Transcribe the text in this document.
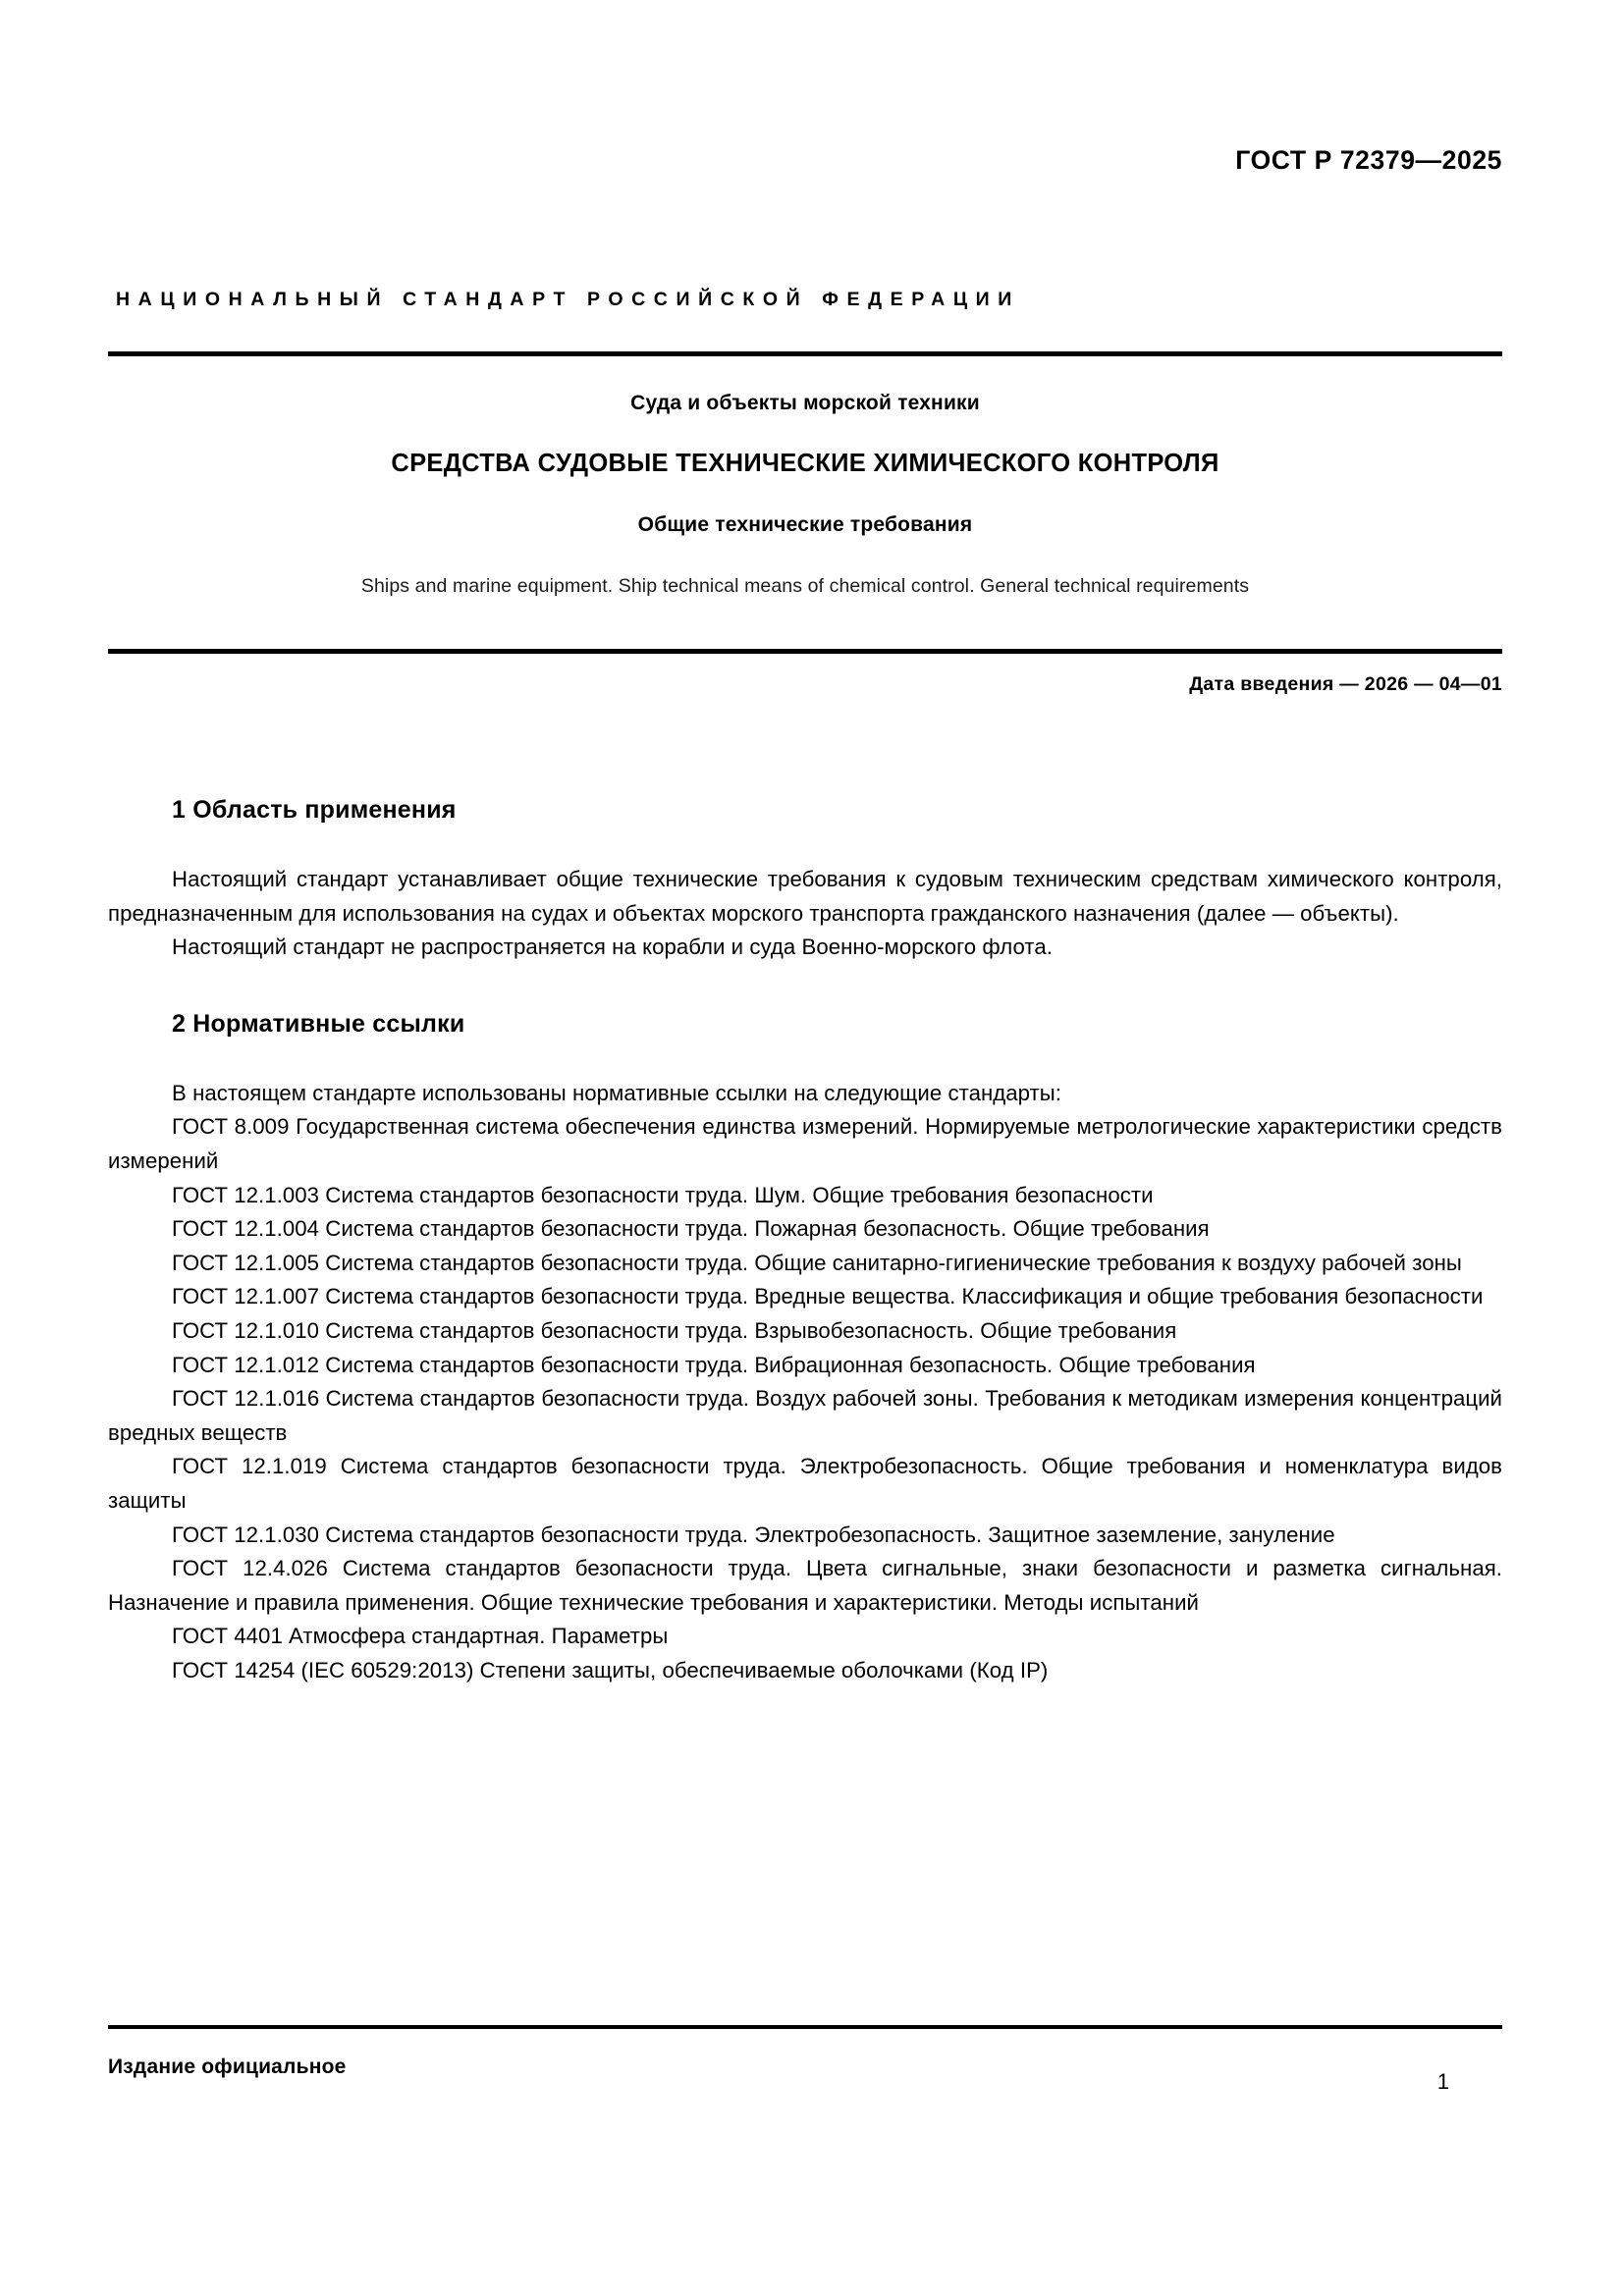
ГОСТ Р 72379—2025
НАЦИОНАЛЬНЫЙ СТАНДАРТ РОССИЙСКОЙ ФЕДЕРАЦИИ

Суда и объекты морской техники

СРЕДСТВА СУДОВЫЕ ТЕХНИЧЕСКИЕ ХИМИЧЕСКОГО КОНТРОЛЯ

Общие технические требования

Ships and marine equipment. Ship technical means of chemical control. General technical requirements

Дата введения — 2026 — 04—01
1 Область применения

Настоящий стандарт устанавливает общие технические требования к судовым техническим средствам химического контроля, предназначенным для использования на судах и объектах морского транспорта гражданского назначения (далее — объекты).

Настоящий стандарт не распространяется на корабли и суда Военно-морского флота.

2 Нормативные ссылки

В настоящем стандарте использованы нормативные ссылки на следующие стандарты:

ГОСТ 8.009 Государственная система обеспечения единства измерений. Нормируемые метрологические характеристики средств измерений

ГОСТ 12.1.003 Система стандартов безопасности труда. Шум. Общие требования безопасности

ГОСТ 12.1.004 Система стандартов безопасности труда. Пожарная безопасность. Общие требования

ГОСТ 12.1.005 Система стандартов безопасности труда. Общие санитарно-гигиенические требования к воздуху рабочей зоны

ГОСТ 12.1.007 Система стандартов безопасности труда. Вредные вещества. Классификация и общие требования безопасности

ГОСТ 12.1.010 Система стандартов безопасности труда. Взрывобезопасность. Общие требования

ГОСТ 12.1.012 Система стандартов безопасности труда. Вибрационная безопасность. Общие требования

ГОСТ 12.1.016 Система стандартов безопасности труда. Воздух рабочей зоны. Требования к методикам измерения концентраций вредных веществ

ГОСТ 12.1.019 Система стандартов безопасности труда. Электробезопасность. Общие требования и номенклатура видов защиты

ГОСТ 12.1.030 Система стандартов безопасности труда. Электробезопасность. Защитное заземление, зануление

ГОСТ 12.4.026 Система стандартов безопасности труда. Цвета сигнальные, знаки безопасности и разметка сигнальная. Назначение и правила применения. Общие технические требования и характеристики. Методы испытаний

ГОСТ 4401 Атмосфера стандартная. Параметры

ГОСТ 14254 (IEC 60529:2013) Степени защиты, обеспечиваемые оболочками (Код IP)

Издание официальное
1
